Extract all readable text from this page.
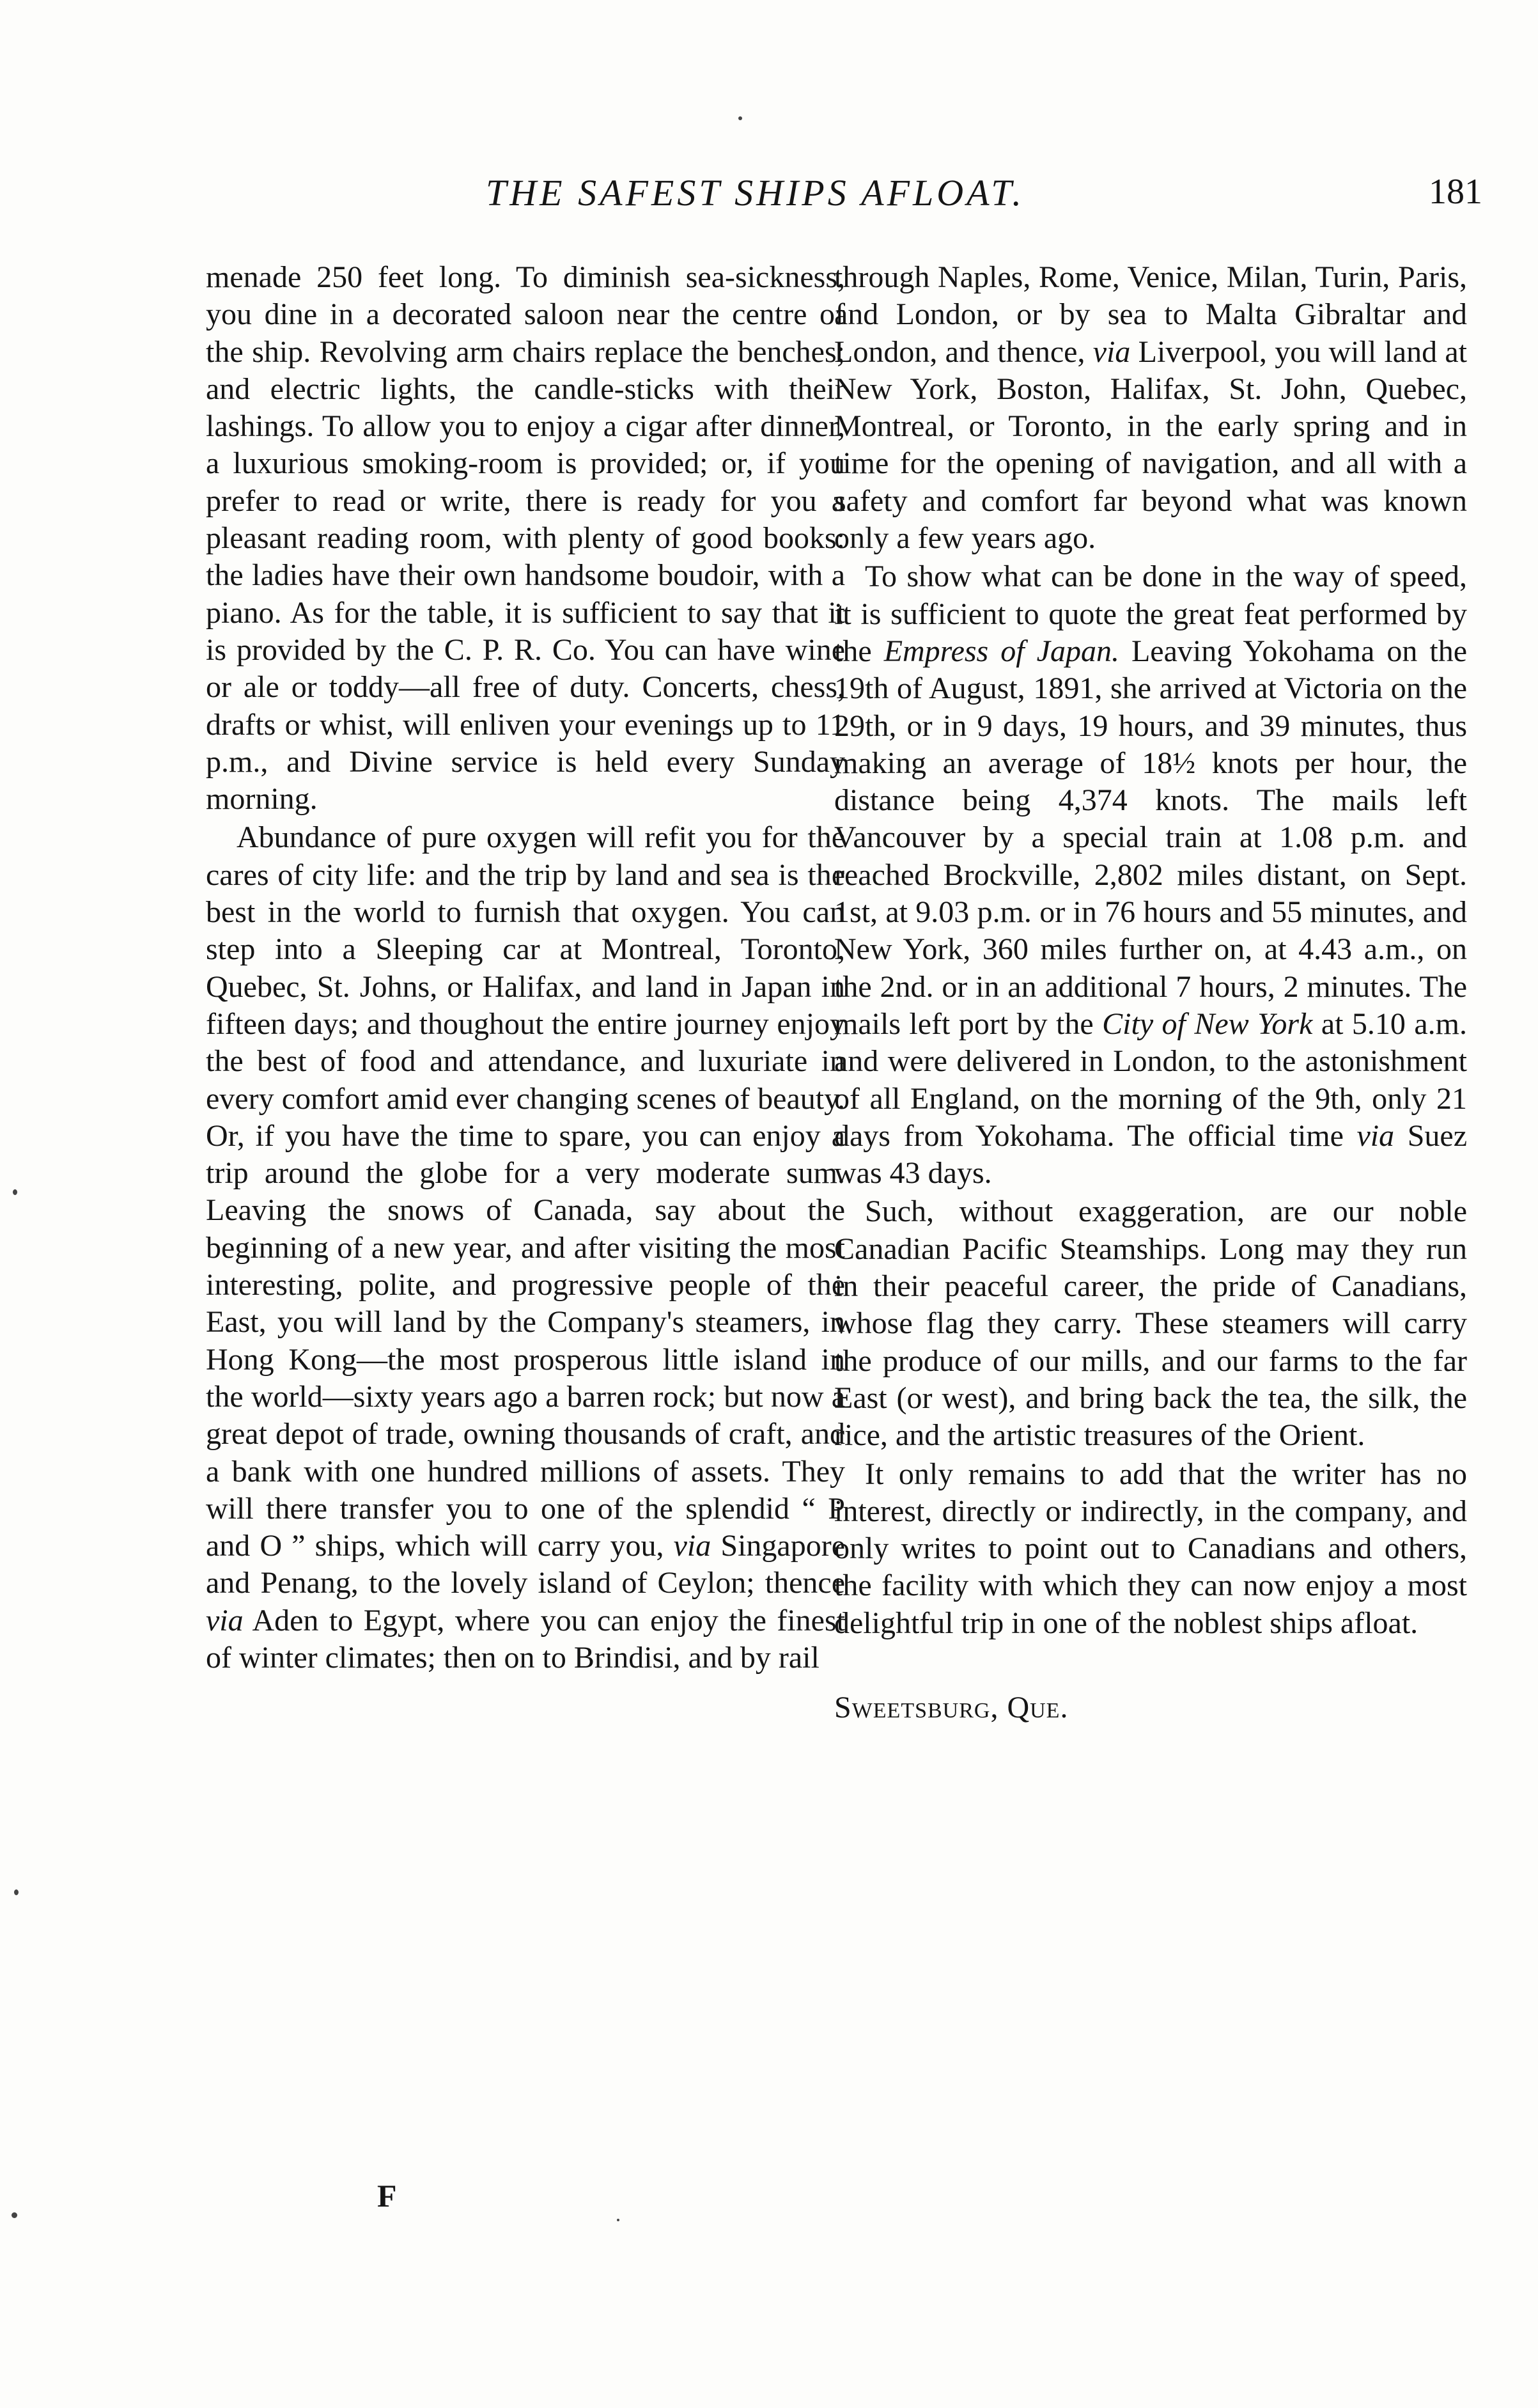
THE SAFEST SHIPS AFLOAT.	181

menade 250 feet long. To diminish sea-sickness, you dine in a decorated saloon near the centre of the ship. Revolving arm chairs replace the benches; and electric lights, the candle-sticks with their lashings. To allow you to enjoy a cigar after dinner, a luxurious smoking-room is provided; or, if you prefer to read or write, there is ready for you a pleasant reading room, with plenty of good books: the ladies have their own handsome boudoir, with a piano. As for the table, it is sufficient to say that it is provided by the C. P. R. Co. You can have wine or ale or toddy—all free of duty. Concerts, chess, drafts or whist, will enliven your evenings up to 11 p.m., and Divine service is held every Sunday morning.

Abundance of pure oxygen will refit you for the cares of city life: and the trip by land and sea is the best in the world to furnish that oxygen. You can step into a Sleeping car at Montreal, Toronto, Quebec, St. Johns, or Halifax, and land in Japan in fifteen days; and thoughout the entire journey enjoy the best of food and attendance, and luxuriate in every comfort amid ever changing scenes of beauty. Or, if you have the time to spare, you can enjoy a trip around the globe for a very moderate sum. Leaving the snows of Canada, say about the beginning of a new year, and after visiting the most interesting, polite, and progressive people of the East, you will land by the Company's steamers, in Hong Kong—the most prosperous little island in the world—sixty years ago a barren rock; but now a great depot of trade, owning thousands of craft, and a bank with one hundred millions of assets. They will there transfer you to one of the splendid “ P and O ” ships, which will carry you, via Singapore and Penang, to the lovely island of Ceylon; thence via Aden to Egypt, where you can enjoy the finest of winter climates; then on to Brindisi, and by rail

through Naples, Rome, Venice, Milan, Turin, Paris, and London, or by sea to Malta Gibraltar and London, and thence, via Liverpool, you will land at New York, Boston, Halifax, St. John, Quebec, Montreal, or Toronto, in the early spring and in time for the opening of navigation, and all with a safety and comfort far beyond what was known only a few years ago.

To show what can be done in the way of speed, it is sufficient to quote the great feat performed by the Empress of Japan. Leaving Yokohama on the 19th of August, 1891, she arrived at Victoria on the 29th, or in 9 days, 19 hours, and 39 minutes, thus making an average of 18½ knots per hour, the distance being 4,374 knots. The mails left Vancouver by a special train at 1.08 p.m. and reached Brockville, 2,802 miles distant, on Sept. 1st, at 9.03 p.m. or in 76 hours and 55 minutes, and New York, 360 miles further on, at 4.43 a.m., on the 2nd. or in an additional 7 hours, 2 minutes. The mails left port by the City of New York at 5.10 a.m. and were delivered in London, to the astonishment of all England, on the morning of the 9th, only 21 days from Yokohama. The official time via Suez was 43 days.

Such, without exaggeration, are our noble Canadian Pacific Steamships. Long may they run in their peaceful career, the pride of Canadians, whose flag they carry. These steamers will carry the produce of our mills, and our farms to the far East (or west), and bring back the tea, the silk, the rice, and the artistic treasures of the Orient.

It only remains to add that the writer has no interest, directly or indirectly, in the company, and only writes to point out to Canadians and others, the facility with which they can now enjoy a most delightful trip in one of the noblest ships afloat.

Sweetsburg, Que.

F
